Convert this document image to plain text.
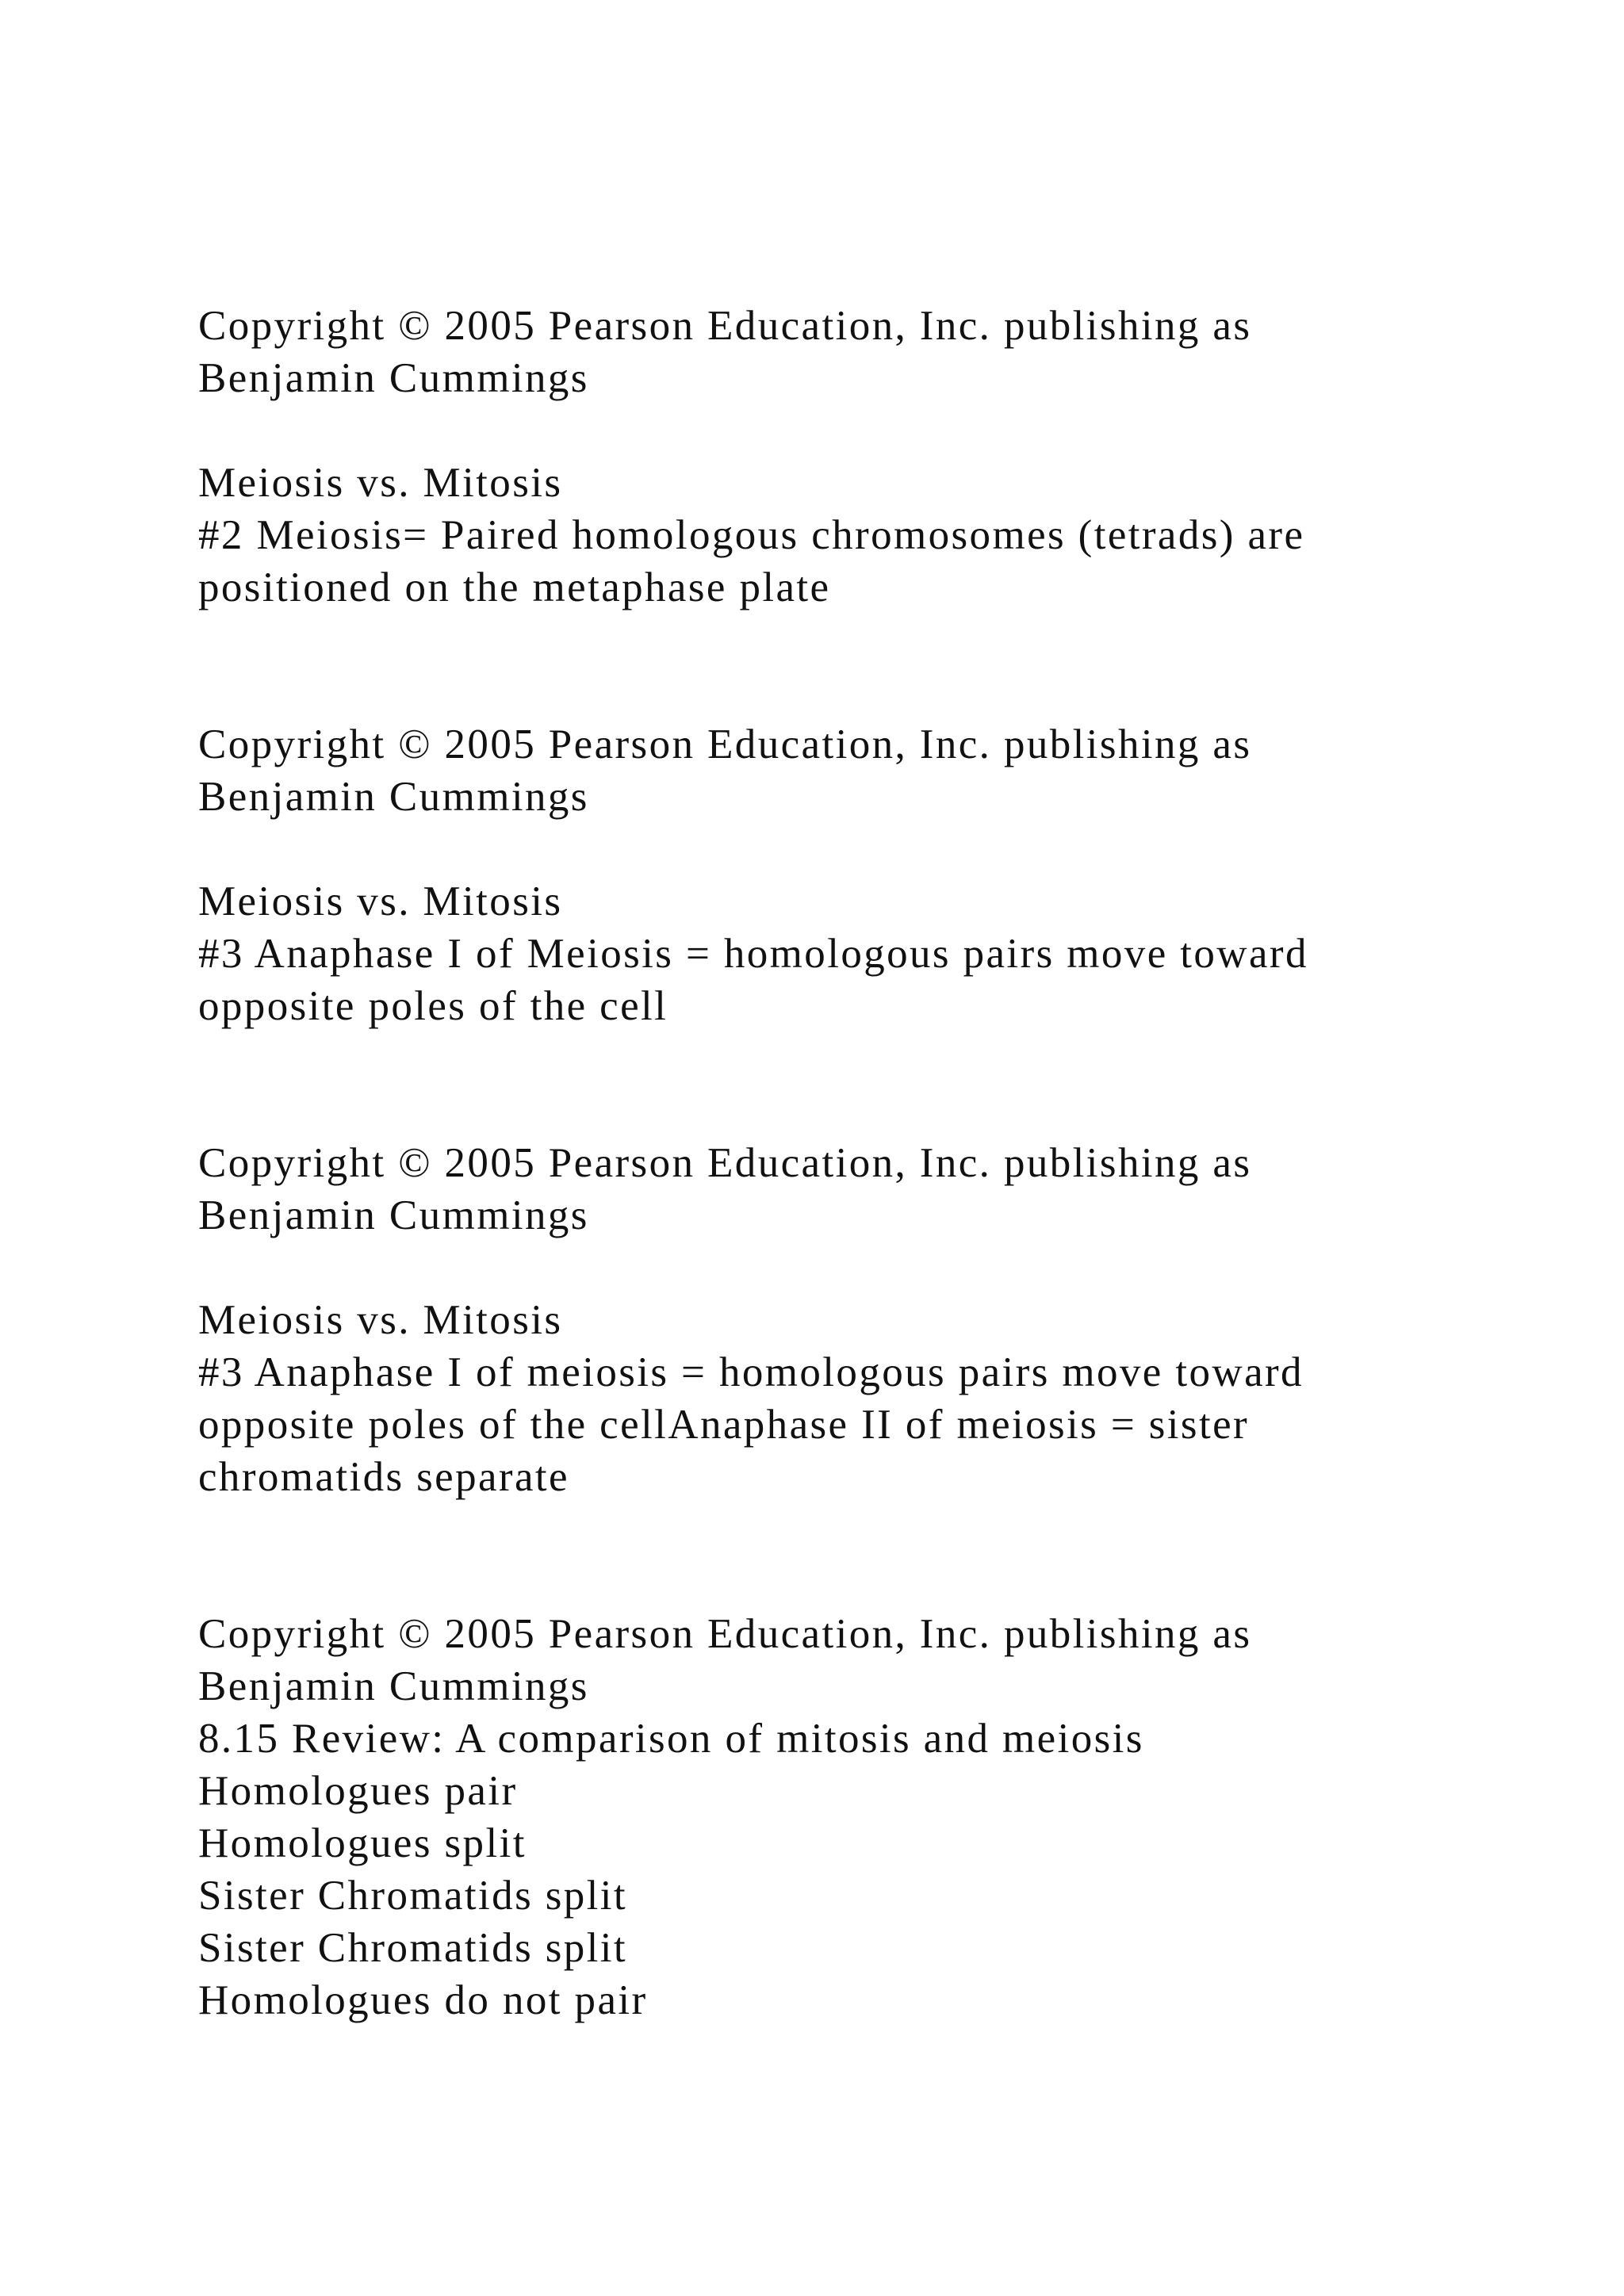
Copyright © 2005 Pearson Education, Inc. publishing as
Benjamin Cummings
Meiosis vs. Mitosis
#2 Meiosis= Paired homologous chromosomes (tetrads) are
positioned on the metaphase plate
Copyright © 2005 Pearson Education, Inc. publishing as
Benjamin Cummings
Meiosis vs. Mitosis
#3 Anaphase I of Meiosis = homologous pairs move toward
opposite poles of the cell
Copyright © 2005 Pearson Education, Inc. publishing as
Benjamin Cummings
Meiosis vs. Mitosis
#3 Anaphase I of meiosis = homologous pairs move toward
opposite poles of the cellAnaphase II of meiosis = sister
chromatids separate
Copyright © 2005 Pearson Education, Inc. publishing as
Benjamin Cummings
8.15 Review: A comparison of mitosis and meiosis
Homologues pair
Homologues split
Sister Chromatids split
Sister Chromatids split
Homologues do not pair
